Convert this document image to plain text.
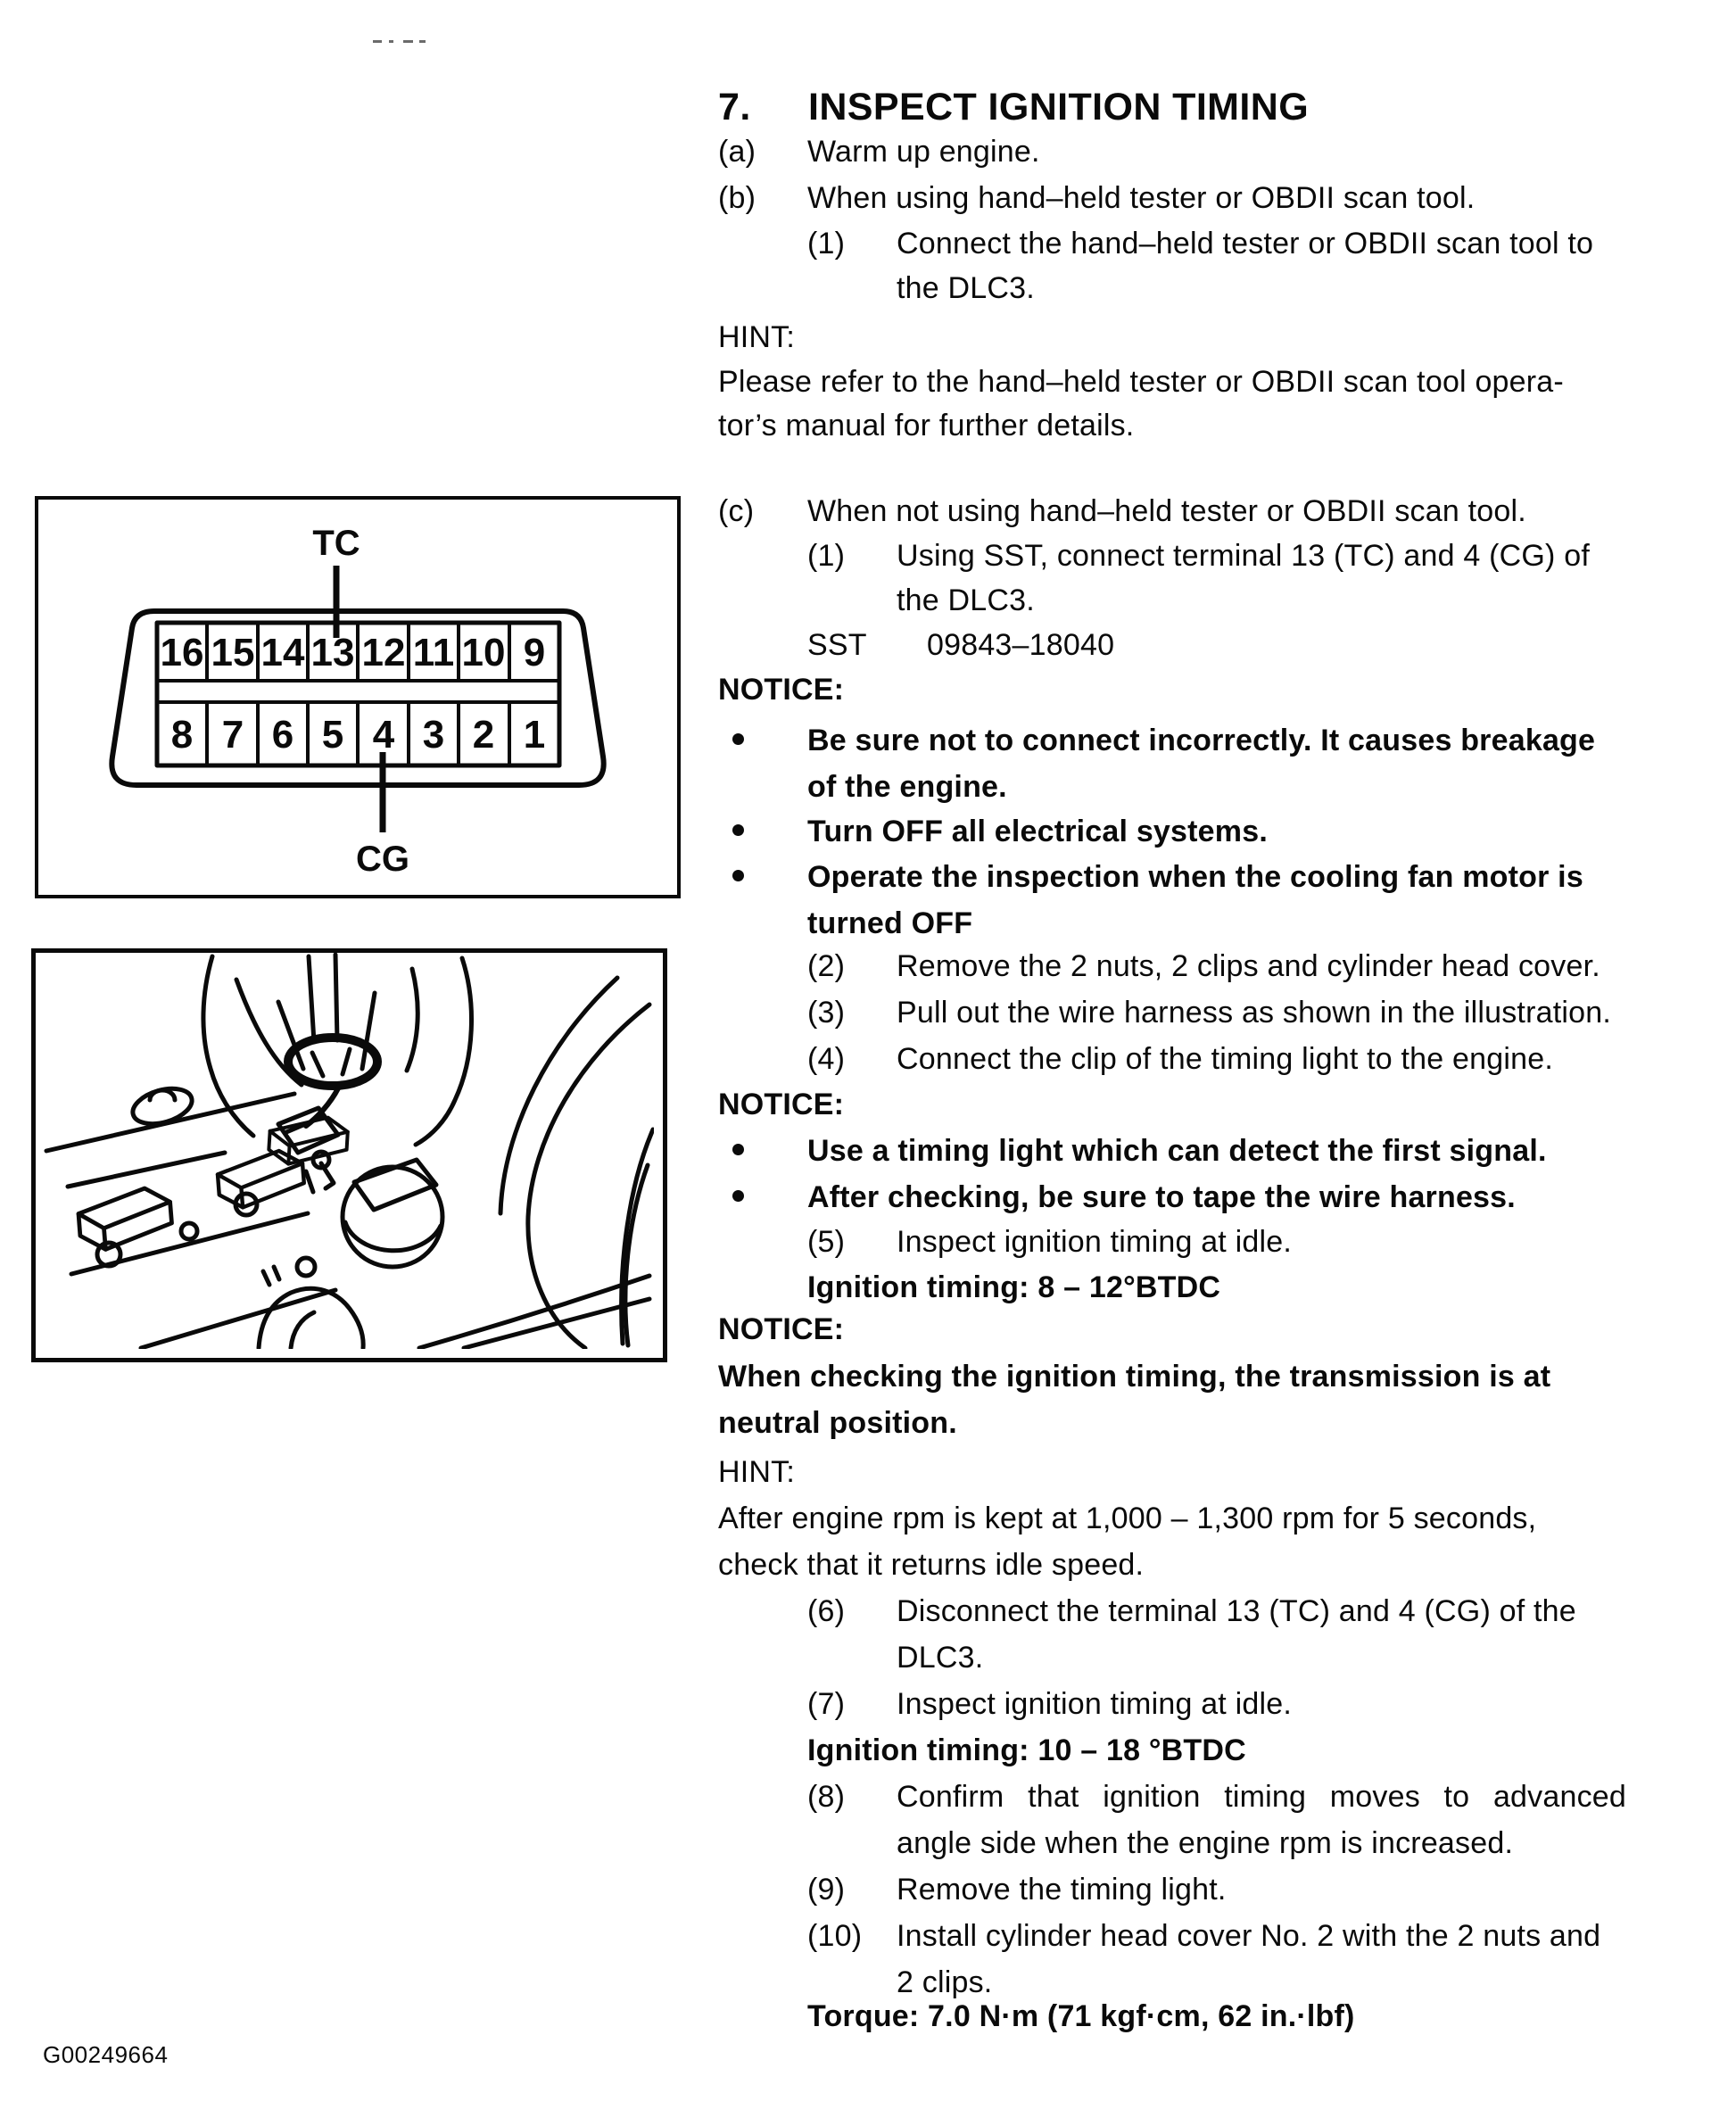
TC
CG
16 15 14 13 12 11 10 9
8 7 6 5 4 3 2 1
7. INSPECT IGNITION TIMING
(a) Warm up engine.
(b) When using hand–held tester or OBDII scan tool.
(1) Connect the hand–held tester or OBDII scan tool to
the DLC3.
HINT:
Please refer to the hand–held tester or OBDII scan tool opera-
tor’s manual for further details.
(c) When not using hand–held tester or OBDII scan tool.
(1) Using SST, connect terminal 13 (TC) and 4 (CG) of
the DLC3.
SST 09843–18040
NOTICE:
Be sure not to connect incorrectly. It causes breakage
of the engine.
Turn OFF all electrical systems.
Operate the inspection when the cooling fan motor is
turned OFF
(2) Remove the 2 nuts, 2 clips and cylinder head cover.
(3) Pull out the wire harness as shown in the illustration.
(4) Connect the clip of the timing light to the engine.
NOTICE:
Use a timing light which can detect the first signal.
After checking, be sure to tape the wire harness.
(5) Inspect ignition timing at idle.
Ignition timing: 8 – 12°BTDC
NOTICE:
When checking the ignition timing, the transmission is at
neutral position.
HINT:
After engine rpm is kept at 1,000 – 1,300 rpm for 5 seconds,
check that it returns idle speed.
(6) Disconnect the terminal 13 (TC) and 4 (CG) of the
DLC3.
(7) Inspect ignition timing at idle.
Ignition timing: 10 – 18 °BTDC
(8) Confirm that ignition timing moves to advanced
angle side when the engine rpm is increased.
(9) Remove the timing light.
(10) Install cylinder head cover No. 2 with the 2 nuts and
2 clips.
Torque: 7.0 N·m (71 kgf·cm, 62 in.·lbf)
G00249664
